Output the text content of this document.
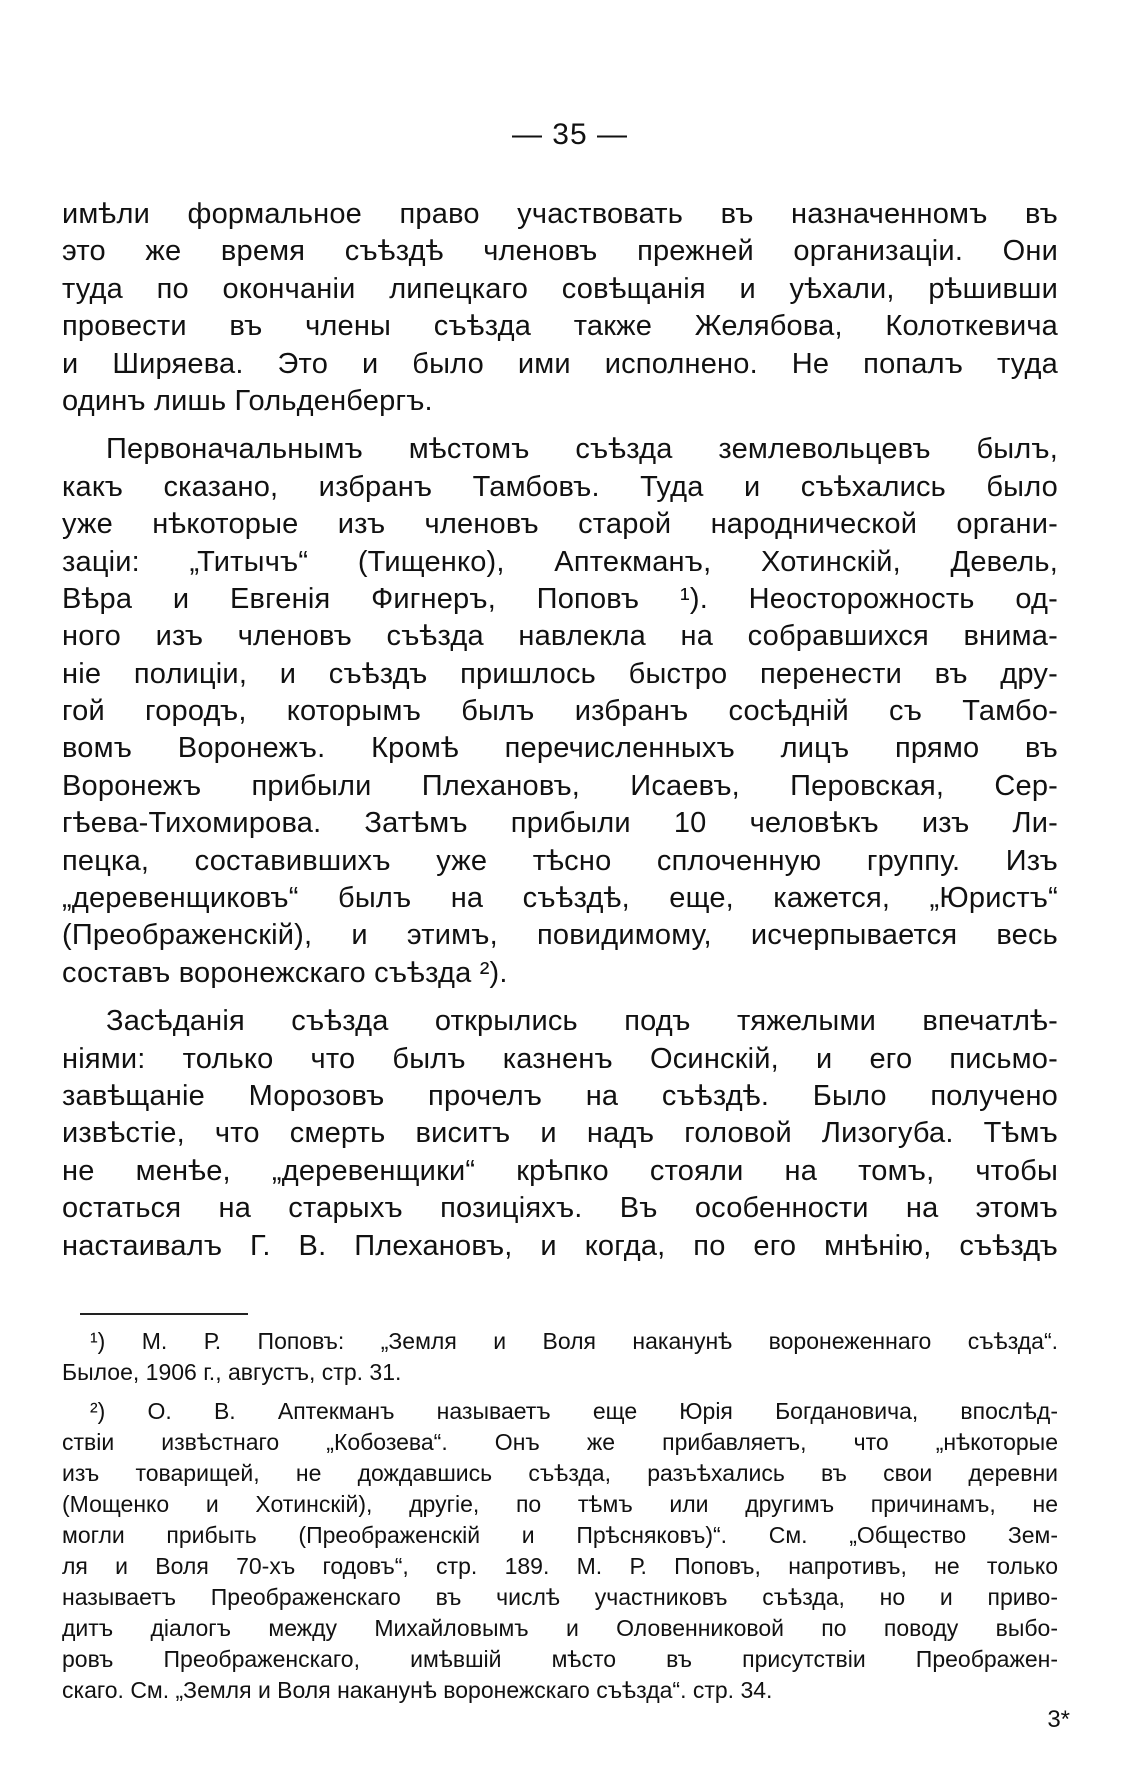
— 35 —

имѣли формальное право участвовать въ назначенномъ въ
это же время съѣздѣ членовъ прежней организаціи. Они
туда по окончаніи липецкаго совѣщанія и уѣхали, рѣшивши
провести въ члены съѣзда также Желябова, Колоткевича
и Ширяева. Это и было ими исполнено. Не попалъ туда
одинъ лишь Гольденбергъ.
Первоначальнымъ мѣстомъ съѣзда землевольцевъ былъ,
какъ сказано, избранъ Тамбовъ. Туда и съѣхались было
уже нѣкоторые изъ членовъ старой народнической органи-
заціи: „Титычъ“ (Тищенко), Аптекманъ, Хотинскій, Девель,
Вѣра и Евгенія Фигнеръ, Поповъ ¹). Неосторожность од-
ного изъ членовъ съѣзда навлекла на собравшихся внима-
ніе полиціи, и съѣздъ пришлось быстро перенести въ дру-
гой городъ, которымъ былъ избранъ сосѣдній съ Тамбо-
вомъ Воронежъ. Кромѣ перечисленныхъ лицъ прямо въ
Воронежъ прибыли Плехановъ, Исаевъ, Перовская, Сер-
гѣева-Тихомирова. Затѣмъ прибыли 10 человѣкъ изъ Ли-
пецка, составившихъ уже тѣсно сплоченную группу. Изъ
„деревенщиковъ“ былъ на съѣздѣ, еще, кажется, „Юристъ“
(Преображенскій), и этимъ, повидимому, исчерпывается весь
составъ воронежскаго съѣзда ²).
Засѣданія съѣзда открылись подъ тяжелыми впечатлѣ-
ніями: только что былъ казненъ Осинскій, и его письмо-
завѣщаніе Морозовъ прочелъ на съѣздѣ. Было получено
извѣстіе, что смерть виситъ и надъ головой Лизогуба. Тѣмъ
не менѣе, „деревенщики“ крѣпко стояли на томъ, чтобы
остаться на старыхъ позиціяхъ. Въ особенности на этомъ
настаивалъ Г. В. Плехановъ, и когда, по его мнѣнію, съѣздъ
¹) М. Р. Поповъ: „Земля и Воля наканунѣ воронеженнаго съѣзда“.
Былое, 1906 г., августъ, стр. 31.
²) О. В. Аптекманъ называетъ еще Юрія Богдановича, впослѣд-
ствіи извѣстнаго „Кобозева“. Онъ же прибавляетъ, что „нѣкоторые
изъ товарищей, не дождавшись съѣзда, разъѣхались въ свои деревни
(Мощенко и Хотинскій), другіе, по тѣмъ или другимъ причинамъ, не
могли прибыть (Преображенскій и Прѣсняковъ)“. См. „Общество Зем-
ля и Воля 70-хъ годовъ“, стр. 189. М. Р. Поповъ, напротивъ, не только
называетъ Преображенскаго въ числѣ участниковъ съѣзда, но и приво-
дитъ діалогъ между Михайловымъ и Оловенниковой по поводу выбо-
ровъ Преображенскаго, имѣвшій мѣсто въ присутствіи Преображен-
скаго. См. „Земля и Воля наканунѣ воронежскаго съѣзда“. стр. 34.

3*
